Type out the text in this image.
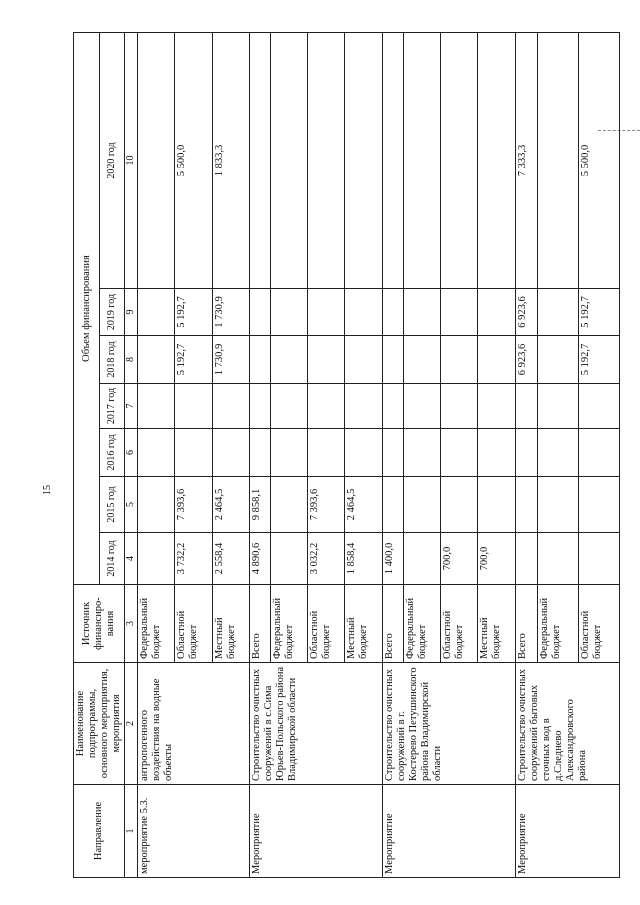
15
Направление	Наименование подпрограммы, основного мероприятия, мероприятия	Источник финансиро-вания	Объем финансирования						
			2014 год	2015 год	2016 год	2017 год	2018 год	2019 год	2020 год
1	2	3	4	5	6	7	8	9	10
мероприятие 5.3.	антропогенного воздействия на водные объекты	Федеральный бюджет							
		Областной бюджет	3 732,2	7 393,6			5 192,7	5 192,7	5 500,0
		Местный бюджет	2 558,4	2 464,5			1 730,9	1 730,9	1 833,3
Мероприятие	Строительство очистных сооружений в с.Сима Юрьев-Польского района Владимирской области	Всего	4 890,6	9 858,1					
		Федеральный бюджет							
		Областной бюджет	3 032,2	7 393,6					
		Местный бюджет	1 858,4	2 464,5					
Мероприятие	Строительство очистных сооружений в г. Костерево Петушинского района Владимирской области	Всего	1 400,0						
		Федеральный бюджет							
		Областной бюджет	700,0						
		Местный бюджет	700,0						
Мероприятие	Строительство очистных сооружений бытовых сточных вод в д.Следнево Александровского района	Всего					6 923,6	6 923,6	7 333,3
		Федеральный бюджет							
		Областной бюджет					5 192,7	5 192,7	5 500,0
